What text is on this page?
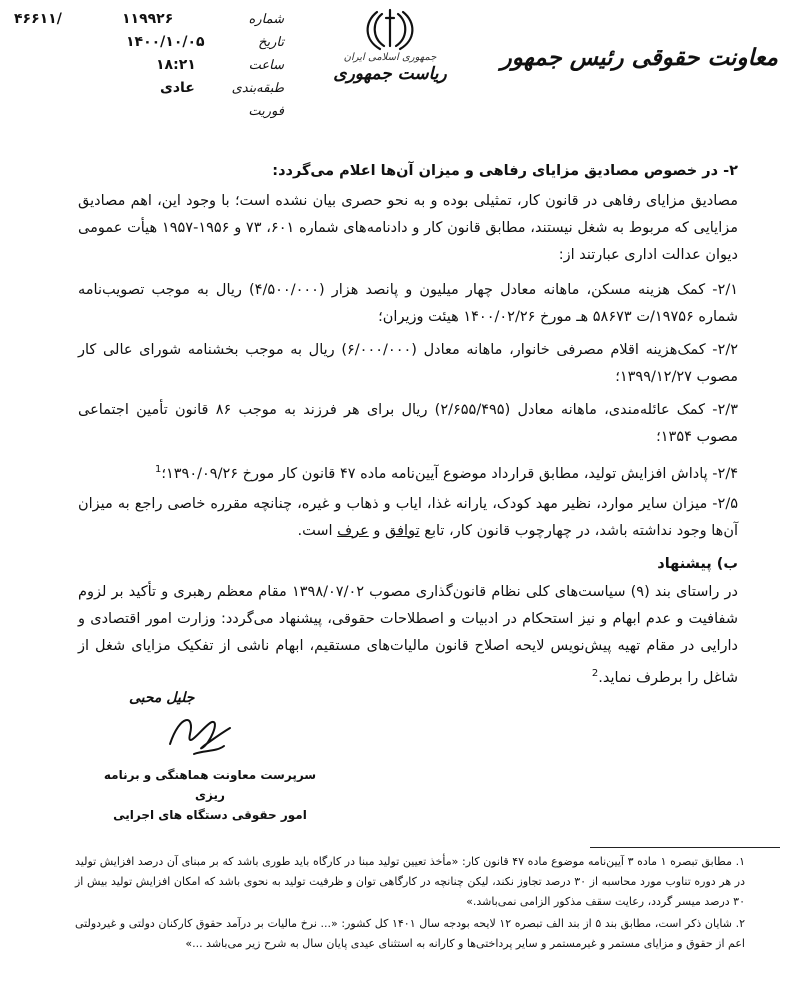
۴۶۶۱۱/	۱۱۹۹۲۶	شماره
۱۴۰۰/۱۰/۰۵	تاریخ
۱۸:۲۱	ساعت
عادی	طبقه‌بندی
فوریت
جمهوری اسلامی ایران
ریاست جمهوری
معاونت حقوقی رئیس جمهور

۲- در خصوص مصادیق مزایای رفاهی و میزان آن‌ها اعلام می‌گردد:

مصادیق مزایای رفاهی در قانون کار، تمثیلی بوده و به نحو حصری بیان نشده است؛ با وجود این، اهم مصادیق مزایایی که مربوط به شغل نیستند، مطابق قانون کار و دادنامه‌های شماره ۶۰۱، ۷۳ و ۱۹۵۶-۱۹۵۷ هیأت عمومی دیوان عدالت اداری عبارتند از:

۲/۱- کمک هزینه مسکن، ماهانه معادل چهار میلیون و پانصد هزار (۴/۵۰۰/۰۰۰) ریال به موجب تصویب‌نامه شماره ۱۹۷۵۶/ت ۵۸۶۷۳ هـ مورخ ۱۴۰۰/۰۲/۲۶ هیئت وزیران؛

۲/۲- کمک‌هزینه اقلام مصرفی خانوار، ماهانه معادل (۶/۰۰۰/۰۰۰) ریال به موجب بخشنامه شورای عالی کار مصوب ۱۳۹۹/۱۲/۲۷؛

۲/۳- کمک عائله‌مندی، ماهانه معادل (۲/۶۵۵/۴۹۵) ریال برای هر فرزند به موجب ۸۶ قانون تأمین اجتماعی مصوب ۱۳۵۴؛

۲/۴- پاداش افزایش تولید، مطابق قرارداد موضوع آیین‌نامه ماده ۴۷ قانون کار مورخ ۱۳۹۰/۰۹/۲۶؛$^1$

۲/۵- میزان سایر موارد، نظیر مهد کودک، یارانه غذا، ایاب و ذهاب و غیره، چنانچه مقرره خاصی راجع به میزان آن‌ها وجود نداشته باشد، در چهارچوب قانون کار، تابع توافق و عرف است.

ب) پیشنهاد

در راستای بند (۹) سیاست‌های کلی نظام قانون‌گذاری مصوب ۱۳۹۸/۰۷/۰۲ مقام معظم رهبری و تأکید بر لزوم شفافیت و عدم ابهام و نیز استحکام در ادبیات و اصطلاحات حقوقی، پیشنهاد می‌گردد: وزارت امور اقتصادی و دارایی در مقام تهیه پیش‌نویس لایحه اصلاح قانون مالیات‌های مستقیم، ابهام ناشی از تفکیک مزایای شغل از شاغل را برطرف نماید.$^2$

جلیل محبی
سرپرست معاونت هماهنگی و برنامه ریزی
امور حقوقی دستگاه های اجرایی

۱. مطابق تبصره ۱ ماده ۳ آیین‌نامه موضوع ماده ۴۷ قانون کار: «مأخذ تعیین تولید مبنا در کارگاه باید طوری باشد که بر مبنای آن درصد افزایش تولید در هر دوره تناوب مورد محاسبه از ۳۰ درصد تجاوز نکند، لیکن چنانچه در کارگاهی توان و ظرفیت تولید به نحوی باشد که امکان افزایش تولید بیش از ۳۰ درصد میسر گردد، رعایت سقف مذکور الزامی نمی‌باشد.»

۲. شایان ذکر است، مطابق بند ۵ از بند الف تبصره ۱۲ لایحه بودجه سال ۱۴۰۱ کل کشور: «... نرخ مالیات بر درآمد حقوق کارکنان دولتی و غیردولتی اعم از حقوق و مزایای مستمر و غیرمستمر و سایر پرداختی‌ها و کارانه به استثنای عیدی پایان سال به شرح زیر می‌باشد ...»
